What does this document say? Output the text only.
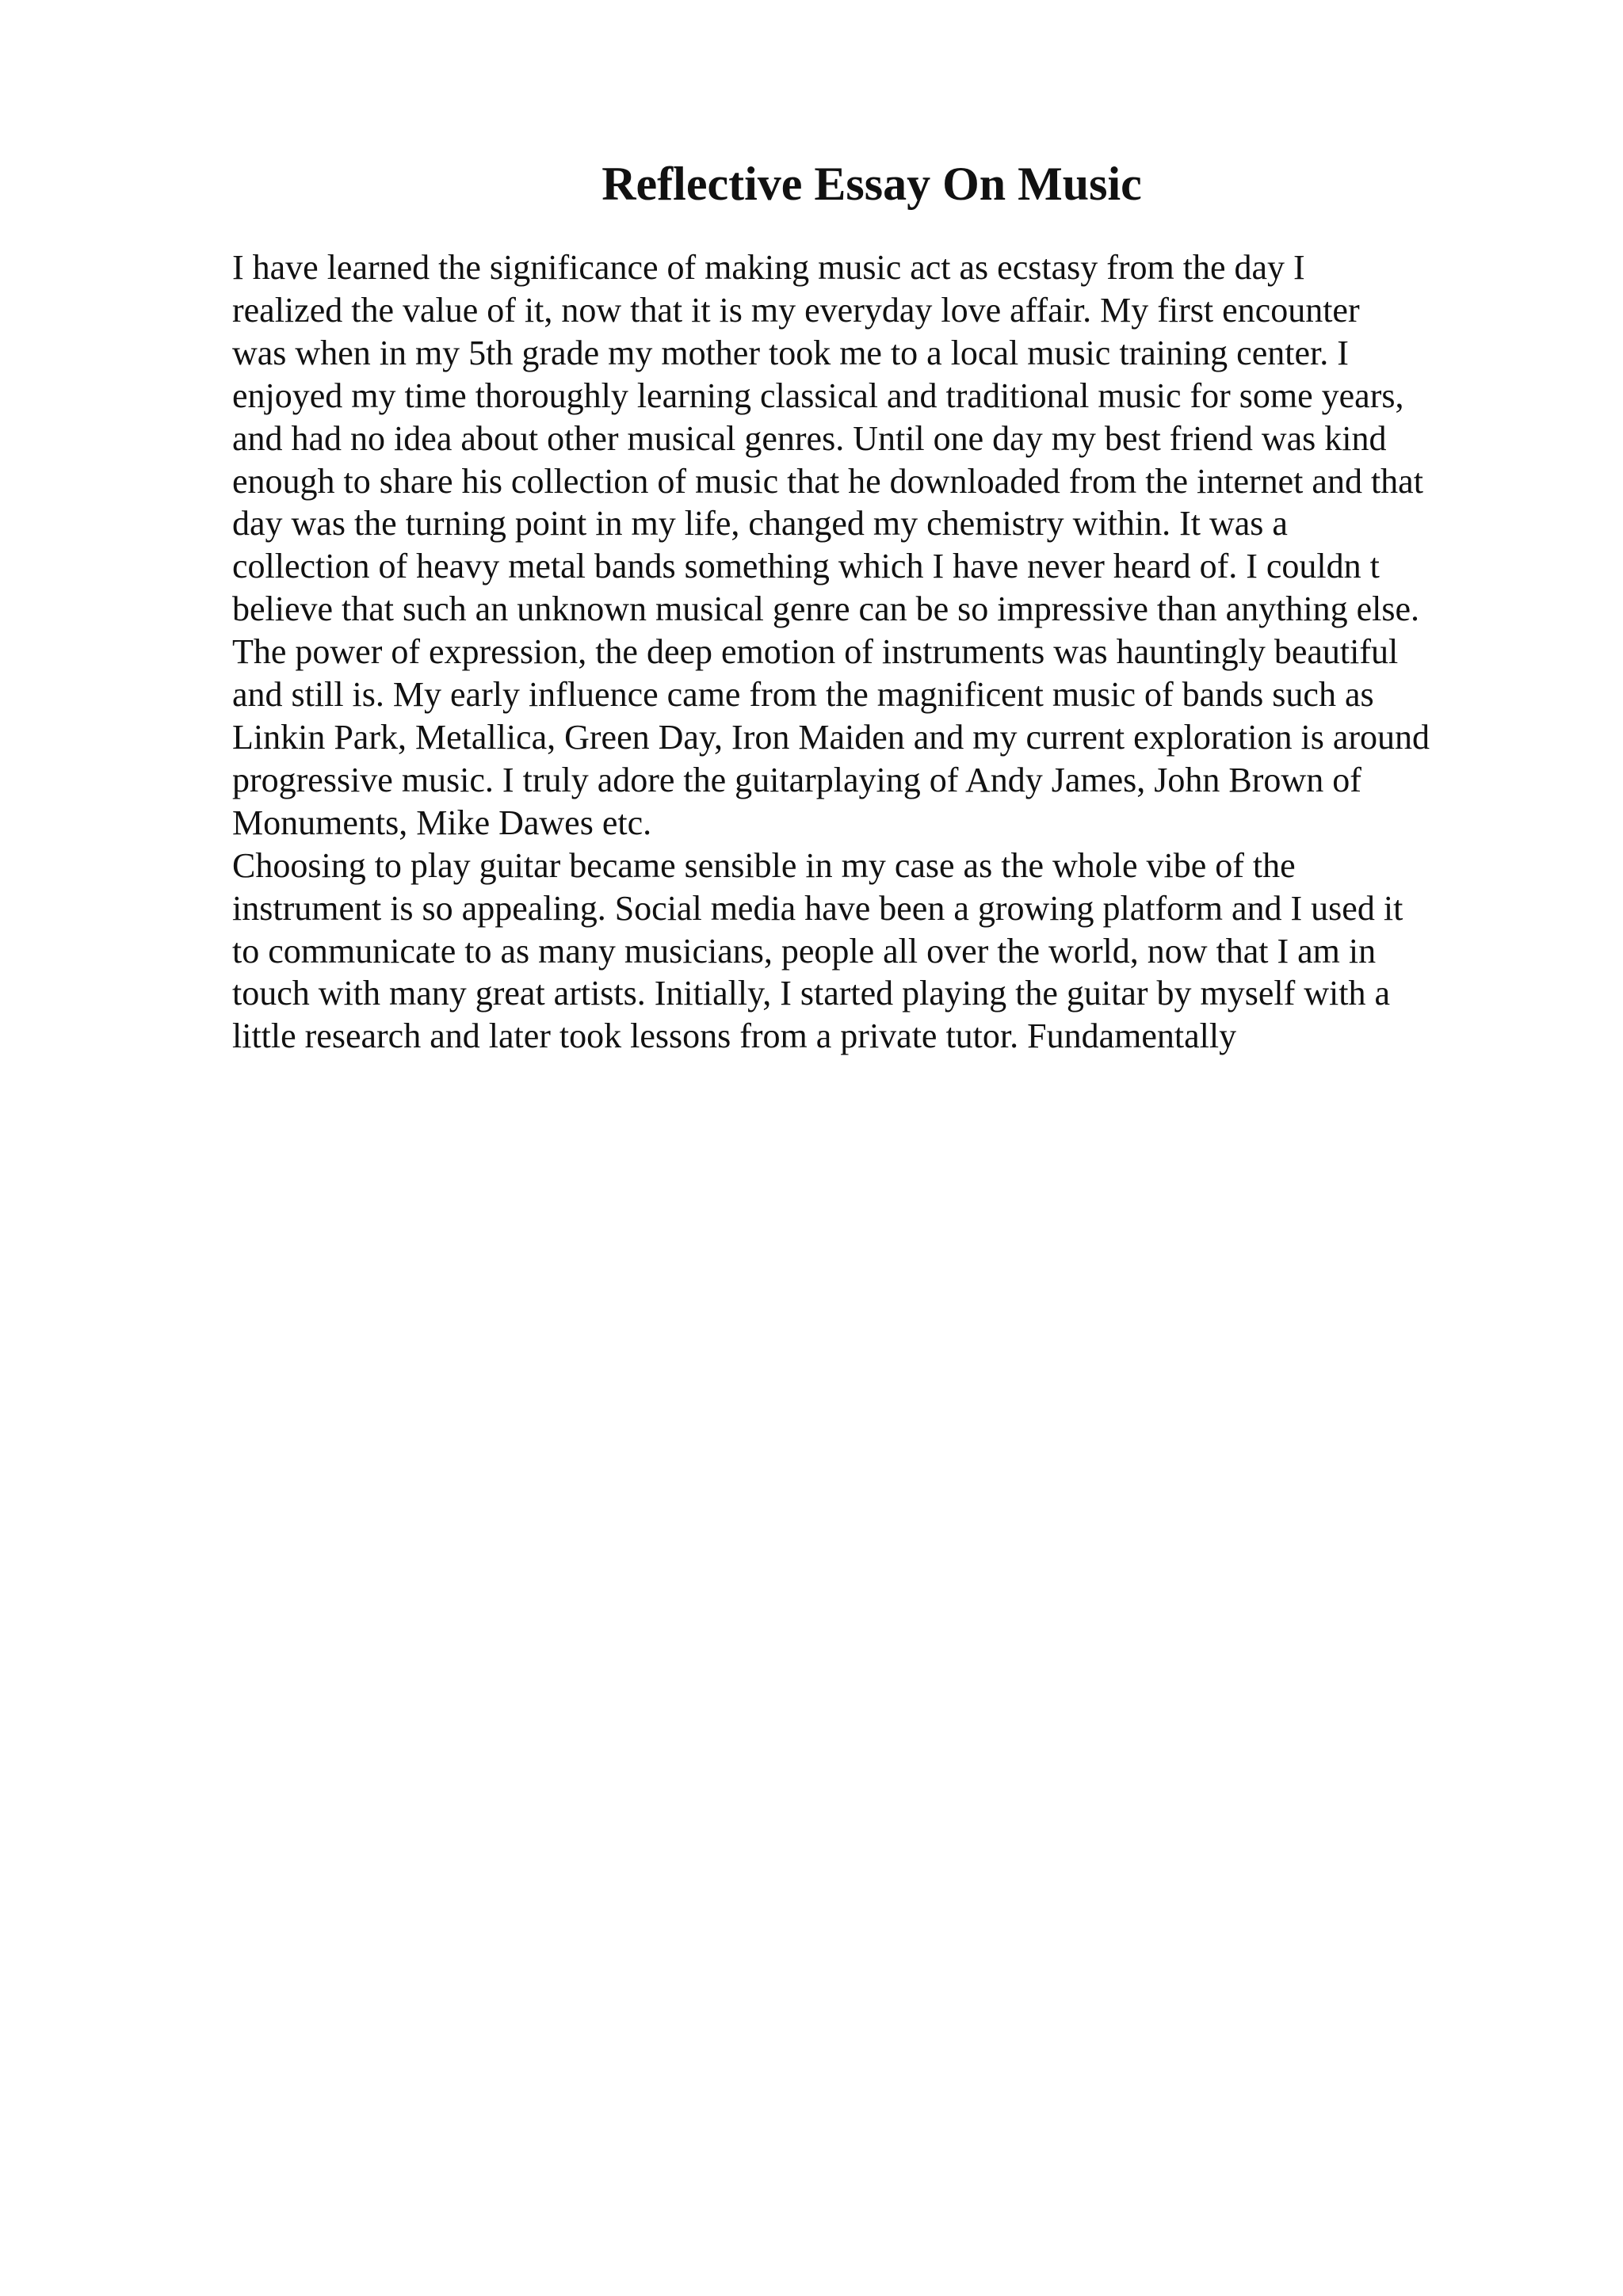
Reflective Essay On Music
I have learned the significance of making music act as ecstasy from the day I
realized the value of it, now that it is my everyday love affair. My first encounter
was when in my 5th grade my mother took me to a local music training center. I
enjoyed my time thoroughly learning classical and traditional music for some years,
and had no idea about other musical genres. Until one day my best friend was kind
enough to share his collection of music that he downloaded from the internet and that
day was the turning point in my life, changed my chemistry within. It was a
collection of heavy metal bands something which I have never heard of. I couldn t
believe that such an unknown musical genre can be so impressive than anything else.
The power of expression, the deep emotion of instruments was hauntingly beautiful
and still is. My early influence came from the magnificent music of bands such as
Linkin Park, Metallica, Green Day, Iron Maiden and my current exploration is around
progressive music. I truly adore the guitarplaying of Andy James, John Brown of
Monuments, Mike Dawes etc.
Choosing to play guitar became sensible in my case as the whole vibe of the
instrument is so appealing. Social media have been a growing platform and I used it
to communicate to as many musicians, people all over the world, now that I am in
touch with many great artists. Initially, I started playing the guitar by myself with a
little research and later took lessons from a private tutor. Fundamentally
